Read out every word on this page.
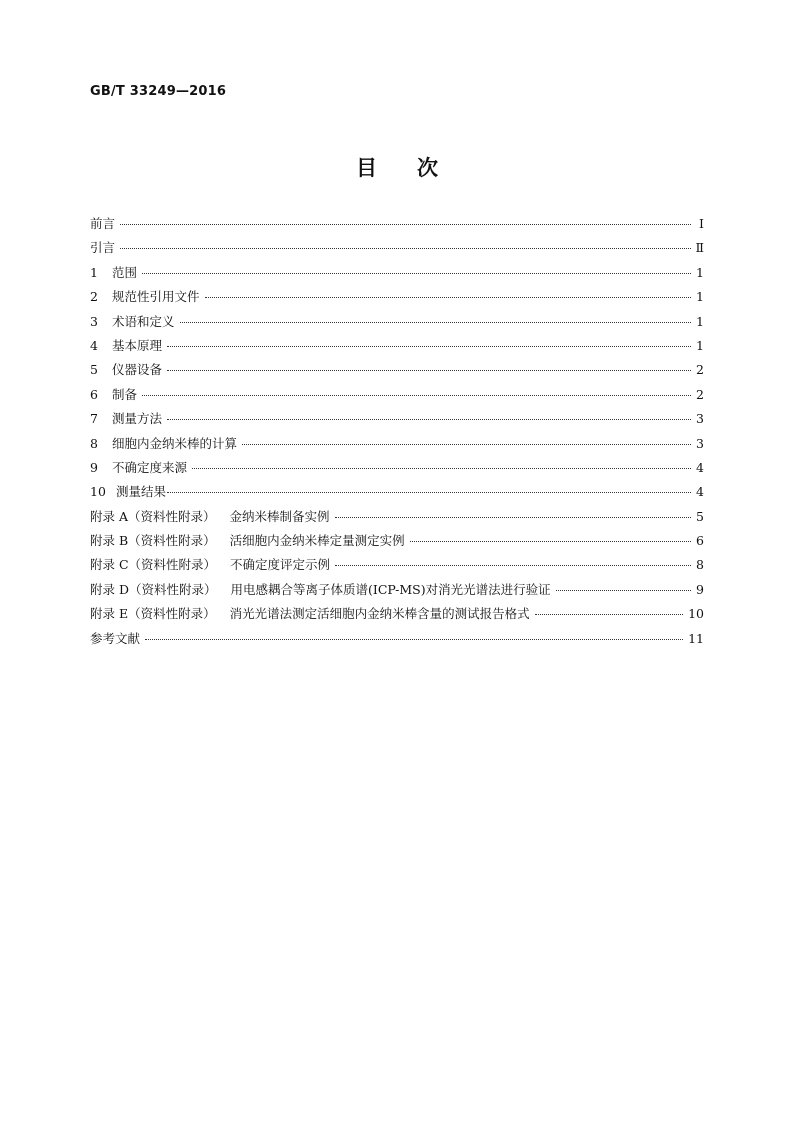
GB/T 33249—2016
目次
前言	Ⅰ
引言	Ⅱ
1	范围	1
2	规范性引用文件	1
3	术语和定义	1
4	基本原理	1
5	仪器设备	2
6	制备	2
7	测量方法	3
8	细胞内金纳米棒的计算	3
9	不确定度来源	4
10 测量结果	4
附录 A（资料性附录） 金纳米棒制备实例	5
附录 B（资料性附录） 活细胞内金纳米棒定量测定实例	6
附录 C（资料性附录） 不确定度评定示例	8
附录 D（资料性附录） 用电感耦合等离子体质谱(ICP-MS)对消光光谱法进行验证	9
附录 E（资料性附录） 消光光谱法测定活细胞内金纳米棒含量的测试报告格式	10
参考文献	11
